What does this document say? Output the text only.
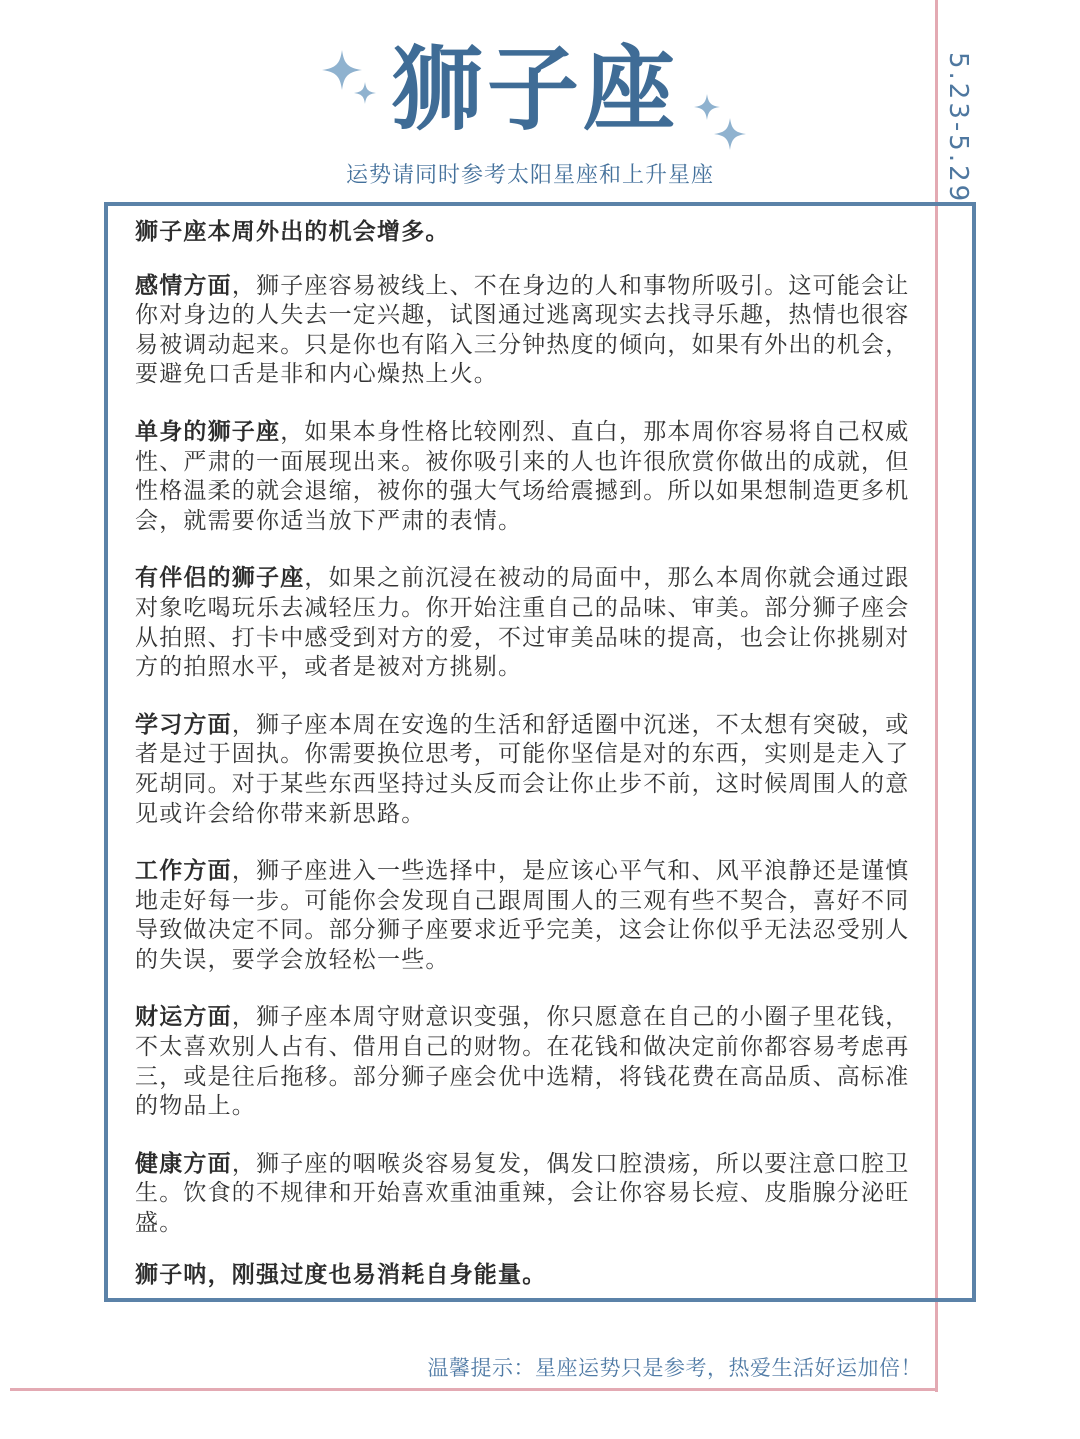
5.23-5.29
狮子座
运势请同时参考太阳星座和上升星座

狮子座本周外出的机会增多。

感情方面，狮子座容易被线上、不在身边的人和事物所吸引。这可能会让你对身边的人失去一定兴趣，试图通过逃离现实去找寻乐趣，热情也很容易被调动起来。只是你也有陷入三分钟热度的倾向，如果有外出的机会，要避免口舌是非和内心燥热上火。

单身的狮子座，如果本身性格比较刚烈、直白，那本周你容易将自己权威性、严肃的一面展现出来。被你吸引来的人也许很欣赏你做出的成就，但性格温柔的就会退缩，被你的强大气场给震撼到。所以如果想制造更多机会，就需要你适当放下严肃的表情。

有伴侣的狮子座，如果之前沉浸在被动的局面中，那么本周你就会通过跟对象吃喝玩乐去减轻压力。你开始注重自己的品味、审美。部分狮子座会从拍照、打卡中感受到对方的爱，不过审美品味的提高，也会让你挑剔对方的拍照水平，或者是被对方挑剔。

学习方面，狮子座本周在安逸的生活和舒适圈中沉迷，不太想有突破，或者是过于固执。你需要换位思考，可能你坚信是对的东西，实则是走入了死胡同。对于某些东西坚持过头反而会让你止步不前，这时候周围人的意见或许会给你带来新思路。

工作方面，狮子座进入一些选择中，是应该心平气和、风平浪静还是谨慎地走好每一步。可能你会发现自己跟周围人的三观有些不契合，喜好不同导致做决定不同。部分狮子座要求近乎完美，这会让你似乎无法忍受别人的失误，要学会放轻松一些。

财运方面，狮子座本周守财意识变强，你只愿意在自己的小圈子里花钱，不太喜欢别人占有、借用自己的财物。在花钱和做决定前你都容易考虑再三，或是往后拖移。部分狮子座会优中选精，将钱花费在高品质、高标准的物品上。

健康方面，狮子座的咽喉炎容易复发，偶发口腔溃疡，所以要注意口腔卫生。饮食的不规律和开始喜欢重油重辣，会让你容易长痘、皮脂腺分泌旺盛。

狮子呐，刚强过度也易消耗自身能量。

温馨提示：星座运势只是参考，热爱生活好运加倍！
